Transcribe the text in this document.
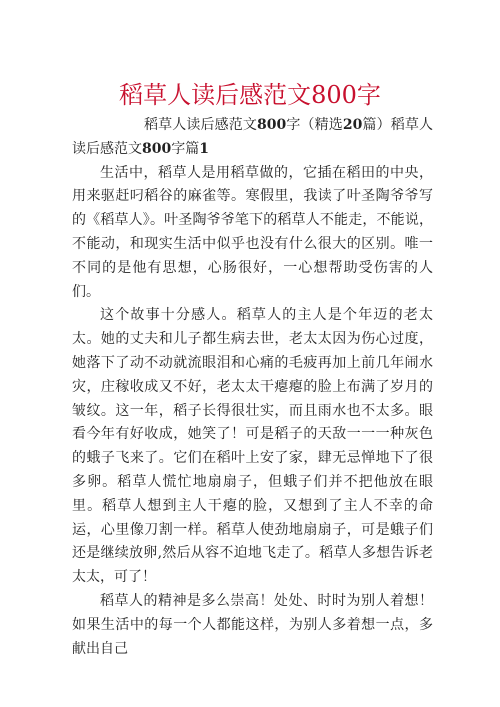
稻草人读后感范文800字

稻草人读后感范文800字（精选20篇）稻草人读后感范文800字篇1

生活中，稻草人是用稻草做的，它插在稻田的中央，用来驱赶叼稻谷的麻雀等。寒假里，我读了叶圣陶爷爷写的《稻草人》。叶圣陶爷爷笔下的稻草人不能走，不能说，不能动，和现实生活中似乎也没有什么很大的区别。唯一不同的是他有思想，心肠很好，一心想帮助受伤害的人们。

这个故事十分感人。稻草人的主人是个年迈的老太太。她的丈夫和儿子都生病去世，老太太因为伤心过度，她落下了动不动就流眼泪和心痛的毛疲再加上前几年闹水灾，庄稼收成又不好，老太太干瘪瘪的脸上布满了岁月的皱纹。这一年，稻子长得很壮实，而且雨水也不太多。眼看今年有好收成，她笑了！可是稻子的天敌一一一种灰色的蛾子飞来了。它们在稻叶上安了家，肆无忌惮地下了很多卵。稻草人慌忙地扇扇子，但蛾子们并不把他放在眼里。稻草人想到主人干瘪的脸，又想到了主人不幸的命运，心里像刀割一样。稻草人使劲地扇扇子，可是蛾子们还是继续放卵,然后从容不迫地飞走了。稻草人多想告诉老太太，可了！

稻草人的精神是多么崇高！处处、时时为别人着想！如果生活中的每一个人都能这样，为别人多着想一点，多献出自己
